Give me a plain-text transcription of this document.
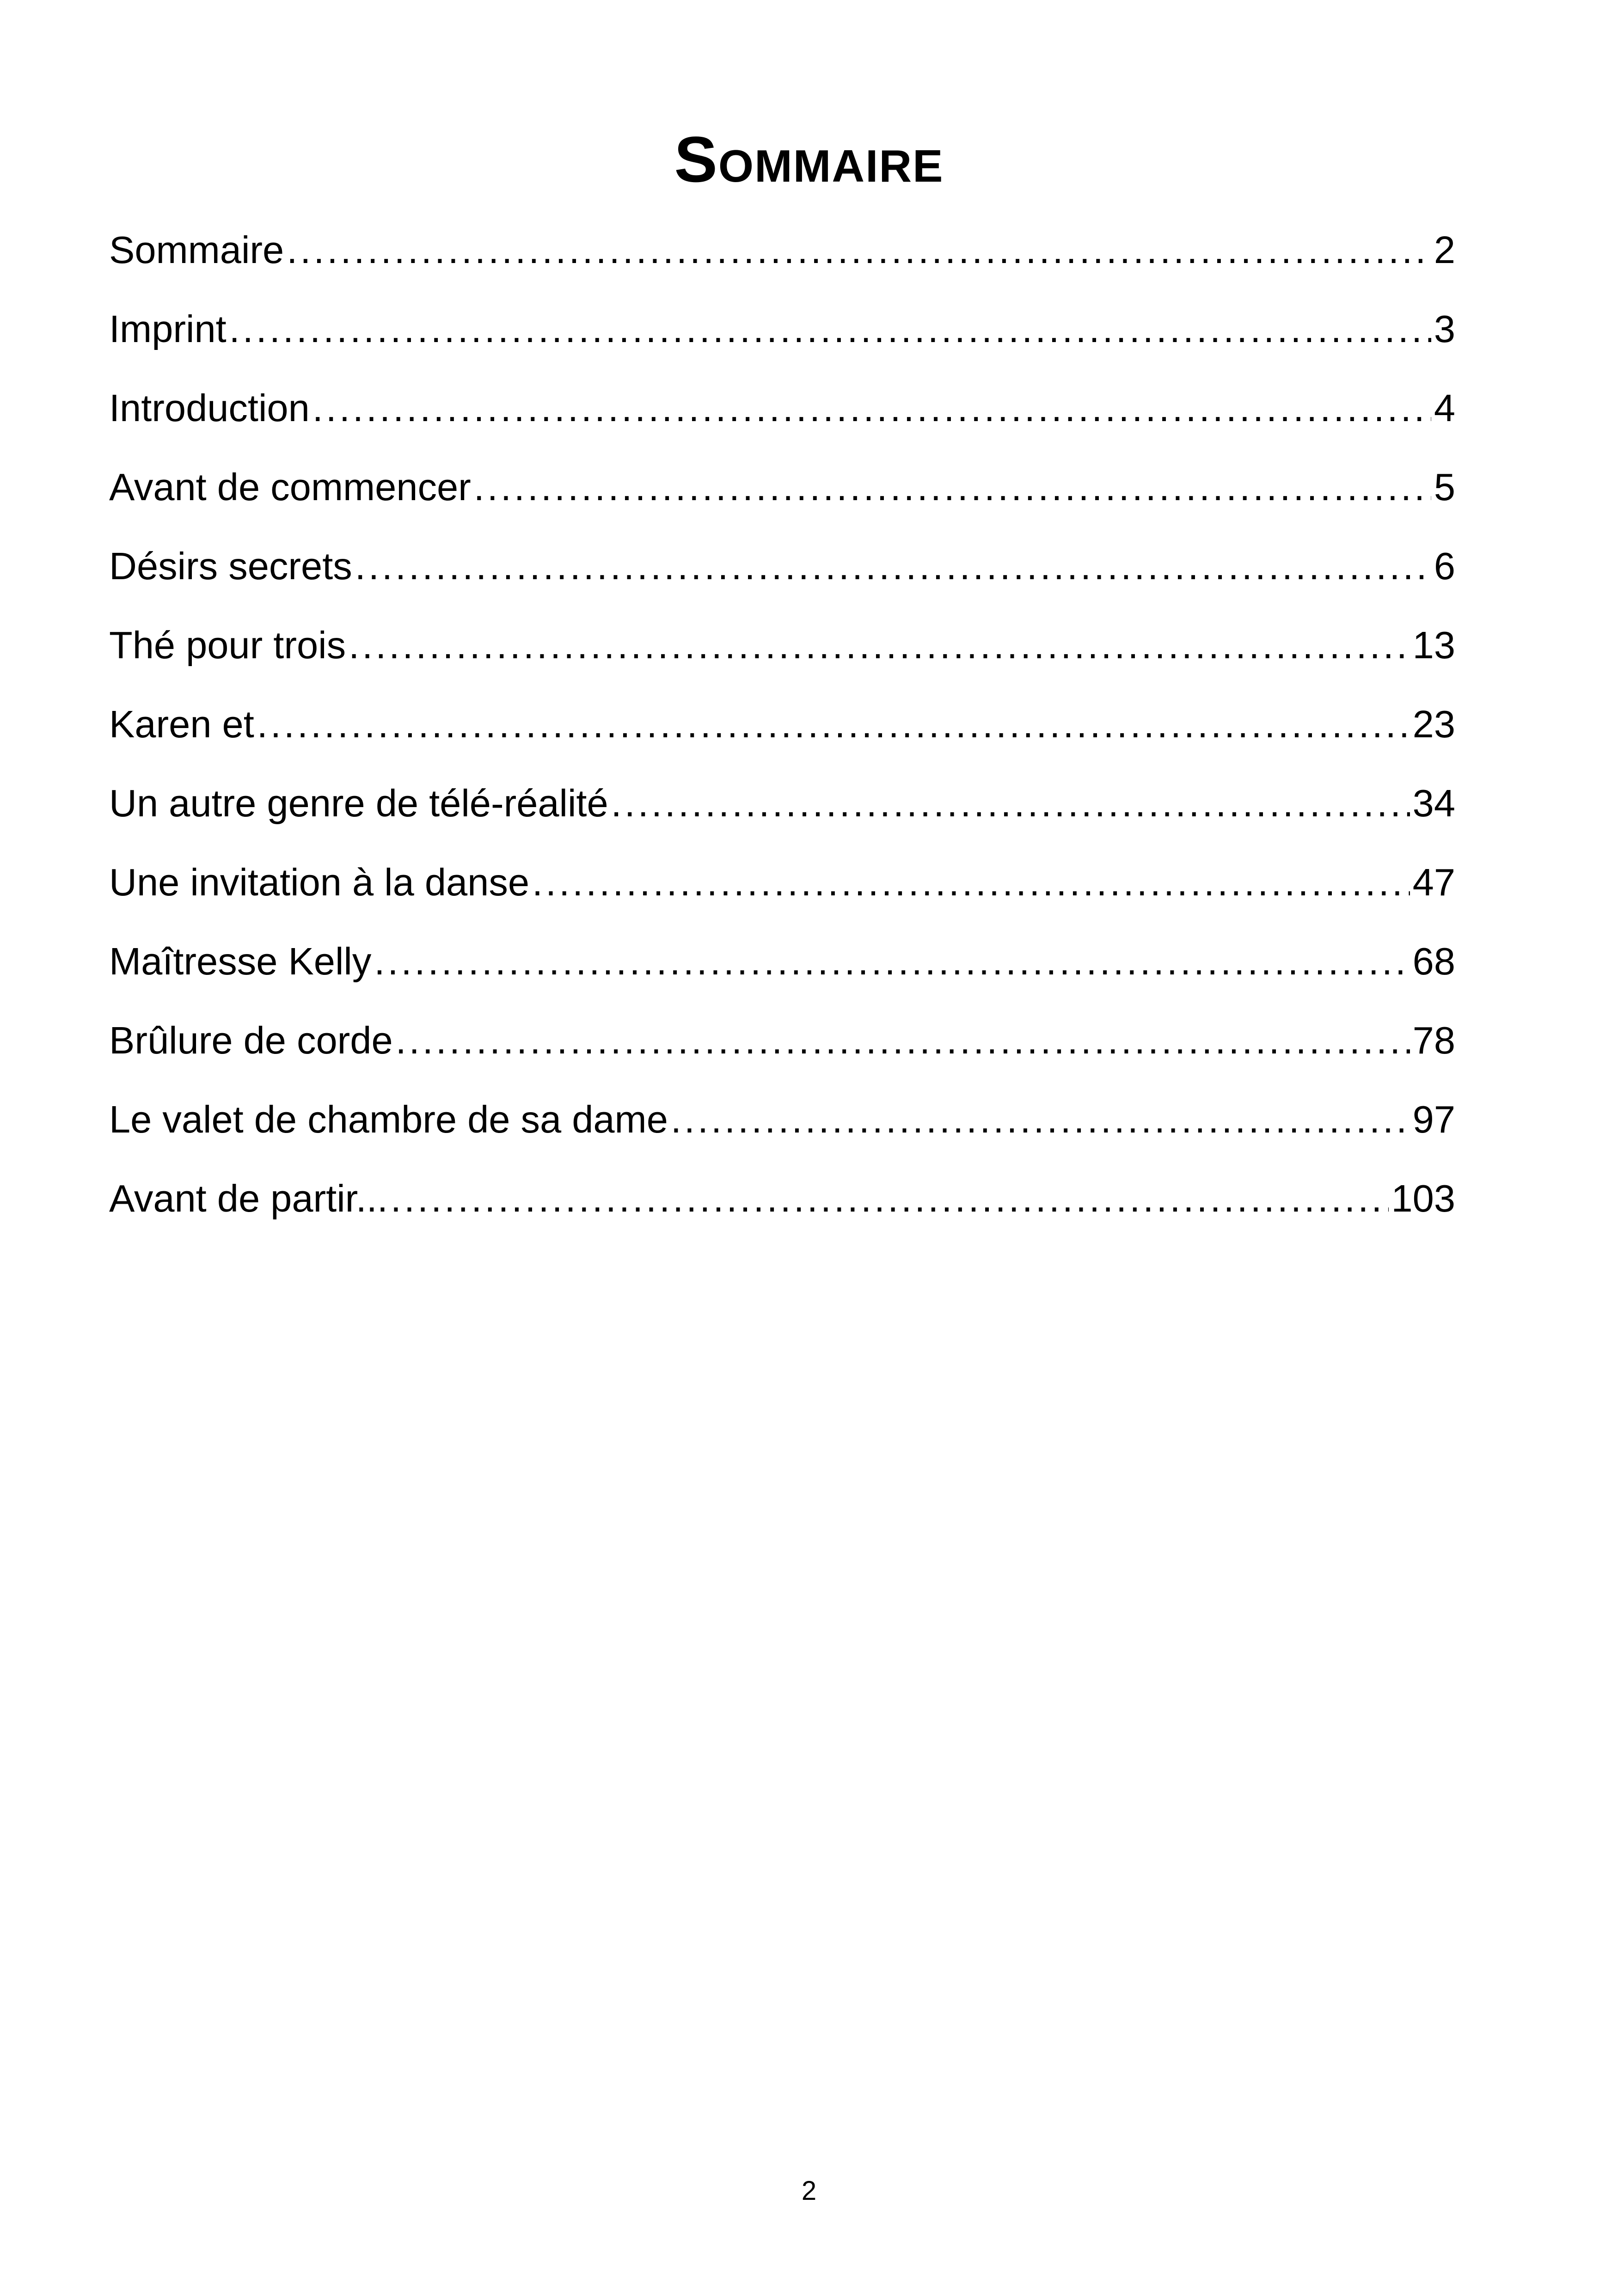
Sommaire
Sommaire .....	2
Imprint .....	3
Introduction .....	4
Avant de commencer .....	5
Désirs secrets .....	6
Thé pour trois .....	13
Karen et .....	23
Un autre genre de télé-réalité .....	34
Une invitation à la danse .....	47
Maîtresse Kelly .....	68
Brûlure de corde .....	78
Le valet de chambre de sa dame .....	97
Avant de partir... .....	103
2
